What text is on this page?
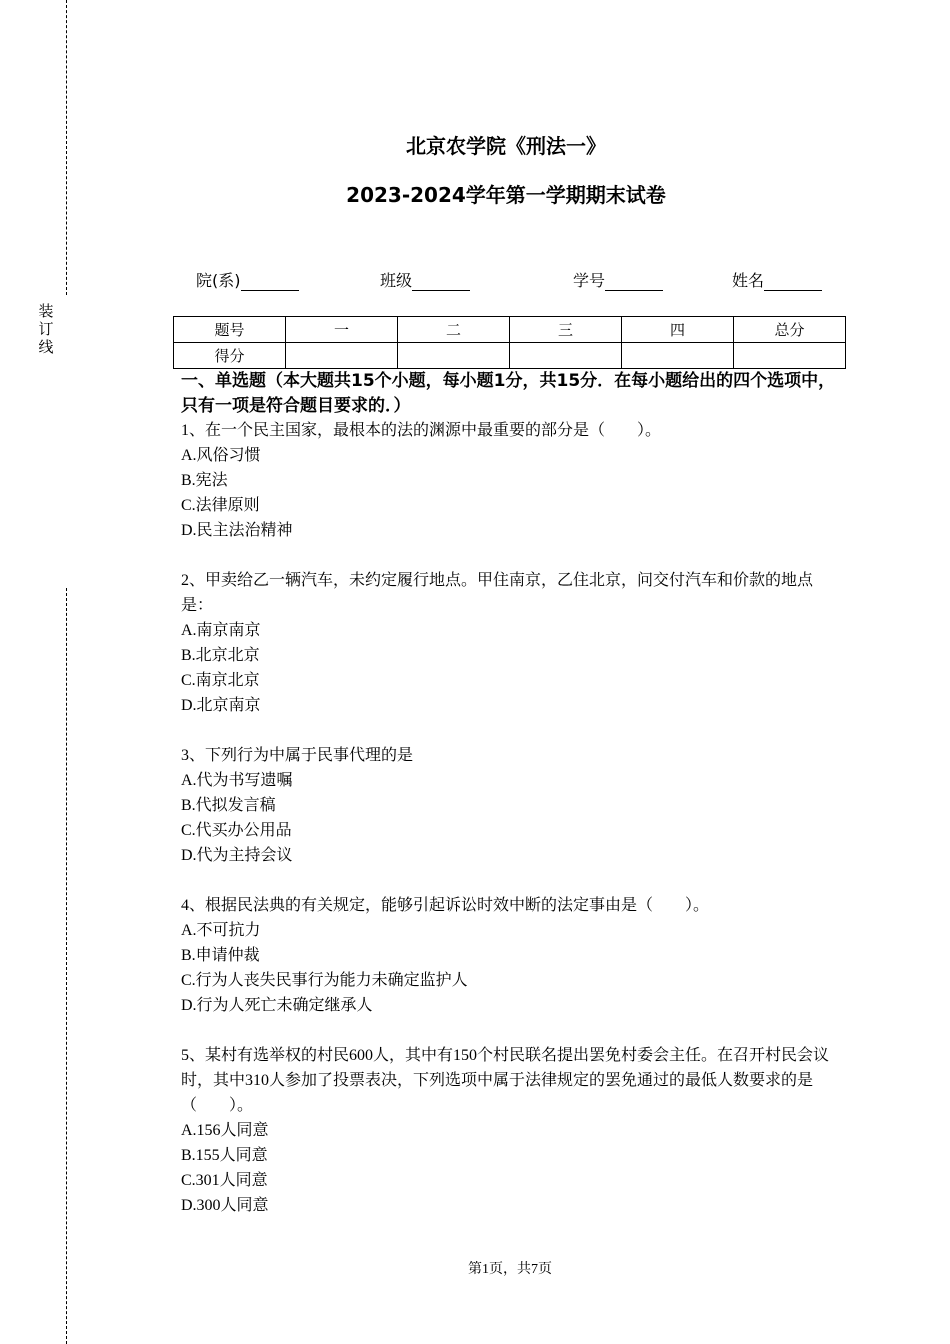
装订线
北京农学院《刑法一》
2023-2024学年第一学期期末试卷
院(系)	班级	学号	姓名
题号	一	二	三	四	总分
得分					
一、单选题（本大题共15个小题，每小题1分，共15分．在每小题给出的四个选项中，只有一项是符合题目要求的．）

1、在一个民主国家，最根本的法的渊源中最重要的部分是（　　）。

A.风俗习惯

B.宪法

C.法律原则

D.民主法治精神

2、甲卖给乙一辆汽车，未约定履行地点。甲住南京，乙住北京，问交付汽车和价款的地点是：

A.南京南京

B.北京北京

C.南京北京

D.北京南京

3、下列行为中属于民事代理的是

A.代为书写遗嘱

B.代拟发言稿

C.代买办公用品

D.代为主持会议

4、根据民法典的有关规定，能够引起诉讼时效中断的法定事由是（　　）。

A.不可抗力

B.申请仲裁

C.行为人丧失民事行为能力未确定监护人

D.行为人死亡未确定继承人

5、某村有选举权的村民600人，其中有150个村民联名提出罢免村委会主任。在召开村民会议时，其中310人参加了投票表决，下列选项中属于法律规定的罢免通过的最低人数要求的是（　　）。

A.156人同意

B.155人同意

C.301人同意

D.300人同意

第1页，共7页
